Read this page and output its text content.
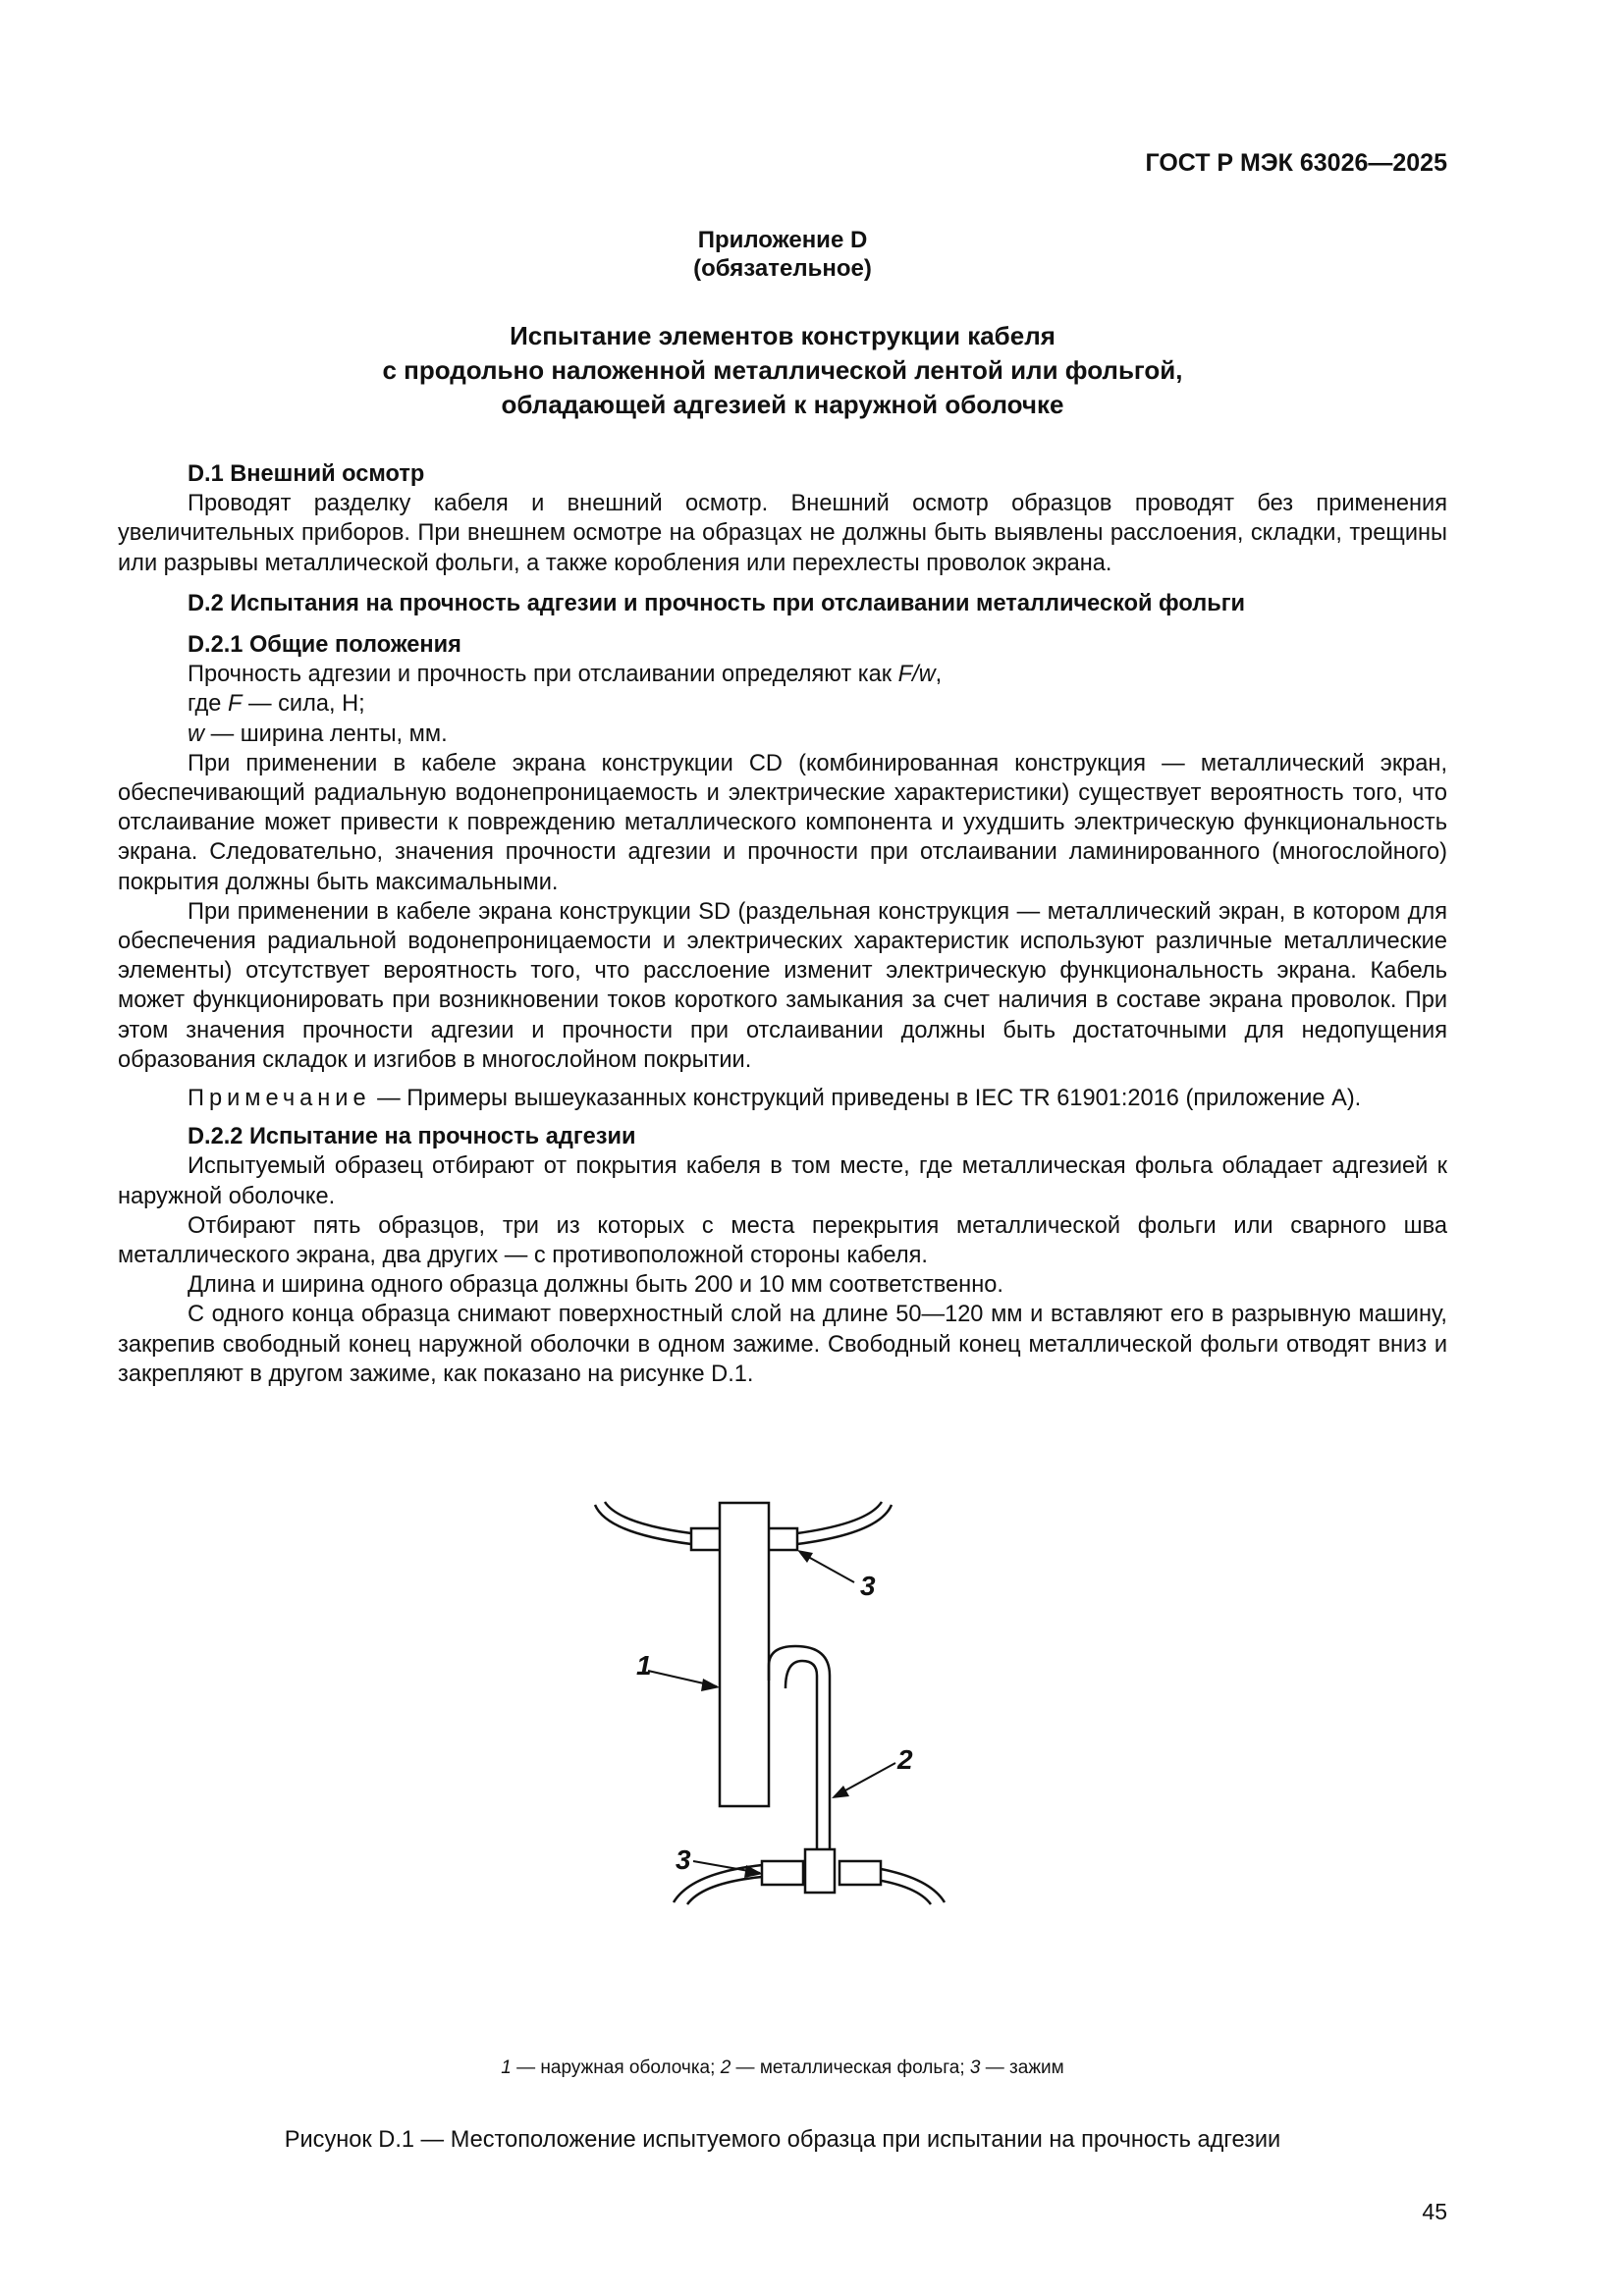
ГОСТ Р МЭК 63026—2025
Приложение D
(обязательное)
Испытание элементов конструкции кабеля
с продольно наложенной металлической лентой или фольгой,
обладающей адгезией к наружной оболочке

D.1 Внешний осмотр

Проводят разделку кабеля и внешний осмотр. Внешний осмотр образцов проводят без применения увеличительных приборов. При внешнем осмотре на образцах не должны быть выявлены расслоения, складки, трещины или разрывы металлической фольги, а также коробления или перехлесты проволок экрана.

D.2 Испытания на прочность адгезии и прочность при отслаивании металлической фольги

D.2.1 Общие положения

Прочность адгезии и прочность при отслаивании определяют как F/w,

где F — сила, Н;

w — ширина ленты, мм.

При применении в кабеле экрана конструкции CD (комбинированная конструкция — металлический экран, обеспечивающий радиальную водонепроницаемость и электрические характеристики) существует вероятность того, что отслаивание может привести к повреждению металлического компонента и ухудшить электрическую функциональность экрана. Следовательно, значения прочности адгезии и прочности при отслаивании ламинированного (многослойного) покрытия должны быть максимальными.

При применении в кабеле экрана конструкции SD (раздельная конструкция — металлический экран, в котором для обеспечения радиальной водонепроницаемости и электрических характеристик используют различные металлические элементы) отсутствует вероятность того, что расслоение изменит электрическую функциональность экрана. Кабель может функционировать при возникновении токов короткого замыкания за счет наличия в составе экрана проволок. При этом значения прочности адгезии и прочности при отслаивании должны быть достаточными для недопущения образования складок и изгибов в многослойном покрытии.

Примечание — Примеры вышеуказанных конструкций приведены в IEC TR 61901:2016 (приложение А).

D.2.2 Испытание на прочность адгезии

Испытуемый образец отбирают от покрытия кабеля в том месте, где металлическая фольга обладает адгезией к наружной оболочке.

Отбирают пять образцов, три из которых с места перекрытия металлической фольги или сварного шва металлического экрана, два других — с противоположной стороны кабеля.

Длина и ширина одного образца должны быть 200 и 10 мм соответственно.

С одного конца образца снимают поверхностный слой на длине 50—120 мм и вставляют его в разрывную машину, закрепив свободный конец наружной оболочки в одном зажиме. Свободный конец металлической фольги отводят вниз и закрепляют в другом зажиме, как показано на рисунке D.1.

3
1
2
3
1 — наружная оболочка; 2 — металлическая фольга; 3 — зажим
Рисунок D.1 — Местоположение испытуемого образца при испытании на прочность адгезии
45
